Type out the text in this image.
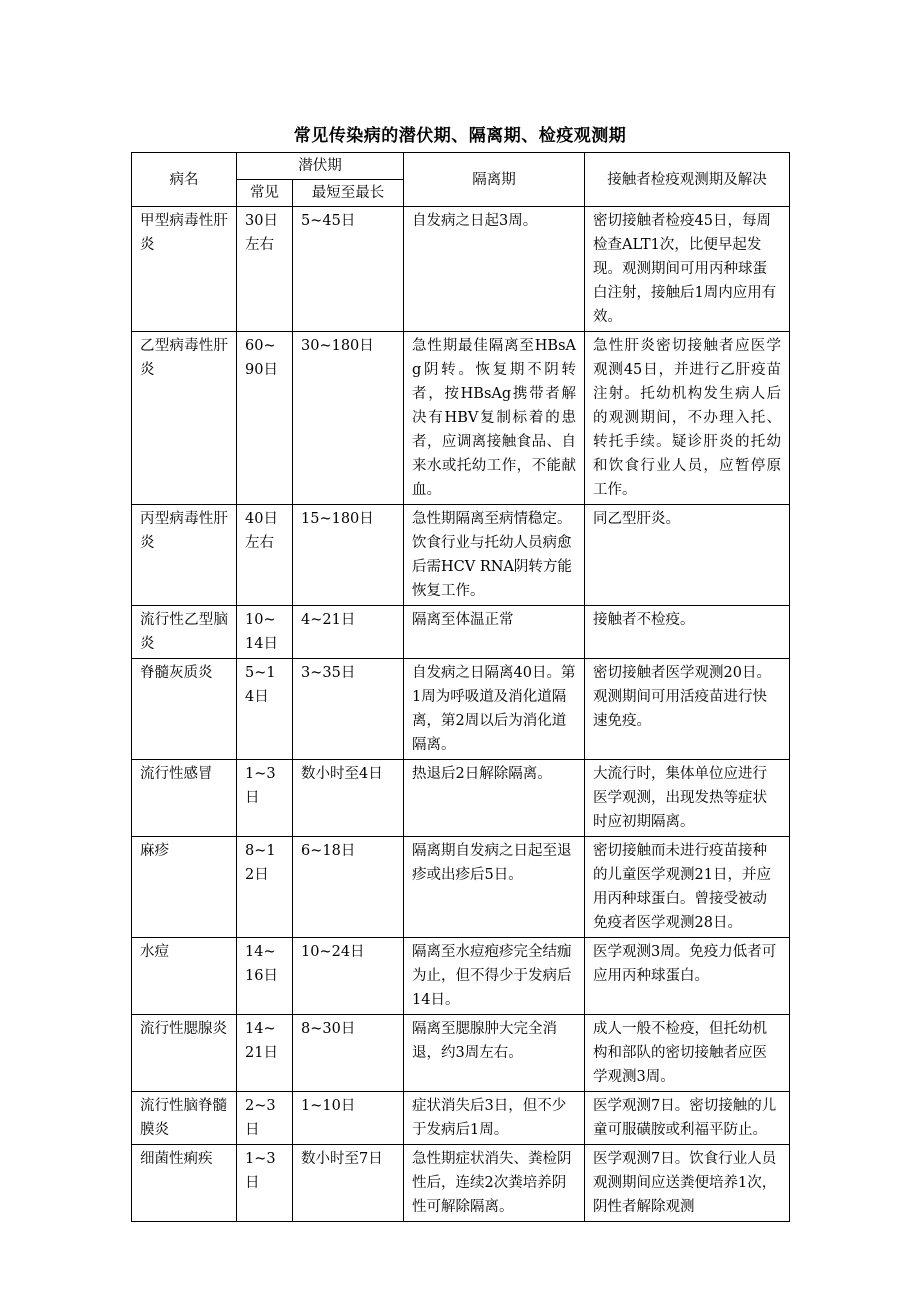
常见传染病的潜伏期、隔离期、检疫观测期
病名	潜伏期		隔离期	接触者检疫观测期及解决
	常见	最短至最长		
甲型病毒性肝炎	30日左右	5~45日	自发病之日起3周。	密切接触者检疫45日，每周检查ALT1次，比便早起发现。观测期间可用丙种球蛋白注射，接触后1周内应用有效。
乙型病毒性肝炎	60~90日	30~180日	急性期最佳隔离至HBsAg阴转。恢复期不阴转者，按HBsAg携带者解决有HBV复制标着的患者，应调离接触食品、自来水或托幼工作，不能献血。	急性肝炎密切接触者应医学观测45日，并进行乙肝疫苗注射。托幼机构发生病人后的观测期间，不办理入托、转托手续。疑诊肝炎的托幼和饮食行业人员，应暂停原工作。
丙型病毒性肝炎	40日左右	15~180日	急性期隔离至病情稳定。饮食行业与托幼人员病愈后需HCV RNA阴转方能恢复工作。	同乙型肝炎。
流行性乙型脑炎	10~14日	4~21日	隔离至体温正常	接触者不检疫。
脊髓灰质炎	5~14日	3~35日	自发病之日隔离40日。第1周为呼吸道及消化道隔离，第2周以后为消化道隔离。	密切接触者医学观测20日。观测期间可用活疫苗进行快速免疫。
流行性感冒	1~3日	数小时至4日	热退后2日解除隔离。	大流行时，集体单位应进行医学观测，出现发热等症状时应初期隔离。
麻疹	8~12日	6~18日	隔离期自发病之日起至退疹或出疹后5日。	密切接触而未进行疫苗接种的儿童医学观测21日，并应用丙种球蛋白。曾接受被动免疫者医学观测28日。
水痘	14~16日	10~24日	隔离至水痘疱疹完全结痂为止，但不得少于发病后14日。	医学观测3周。免疫力低者可应用丙种球蛋白。
流行性腮腺炎	14~21日	8~30日	隔离至腮腺肿大完全消退，约3周左右。	成人一般不检疫，但托幼机构和部队的密切接触者应医学观测3周。
流行性脑脊髓膜炎	2~3日	1~10日	症状消失后3日，但不少于发病后1周。	医学观测7日。密切接触的儿童可服磺胺或利福平防止。
细菌性痢疾	1~3日	数小时至7日	急性期症状消失、粪检阴性后，连续2次粪培养阴性可解除隔离。	医学观测7日。饮食行业人员观测期间应送粪便培养1次，阴性者解除观测
